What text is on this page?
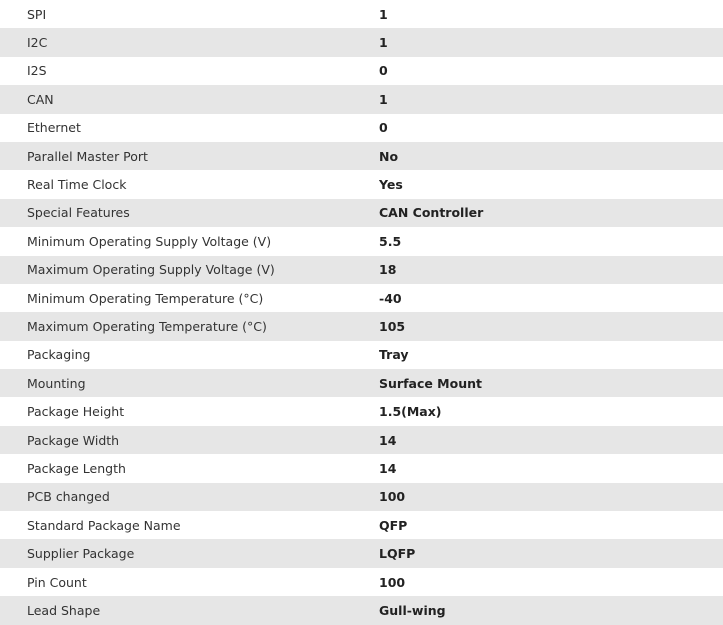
SPI	1
I2C	1
I2S	0
CAN	1
Ethernet	0
Parallel Master Port	No
Real Time Clock	Yes
Special Features	CAN Controller
Minimum Operating Supply Voltage (V)	5.5
Maximum Operating Supply Voltage (V)	18
Minimum Operating Temperature (°C)	-40
Maximum Operating Temperature (°C)	105
Packaging	Tray
Mounting	Surface Mount
Package Height	1.5(Max)
Package Width	14
Package Length	14
PCB changed	100
Standard Package Name	QFP
Supplier Package	LQFP
Pin Count	100
Lead Shape	Gull-wing
